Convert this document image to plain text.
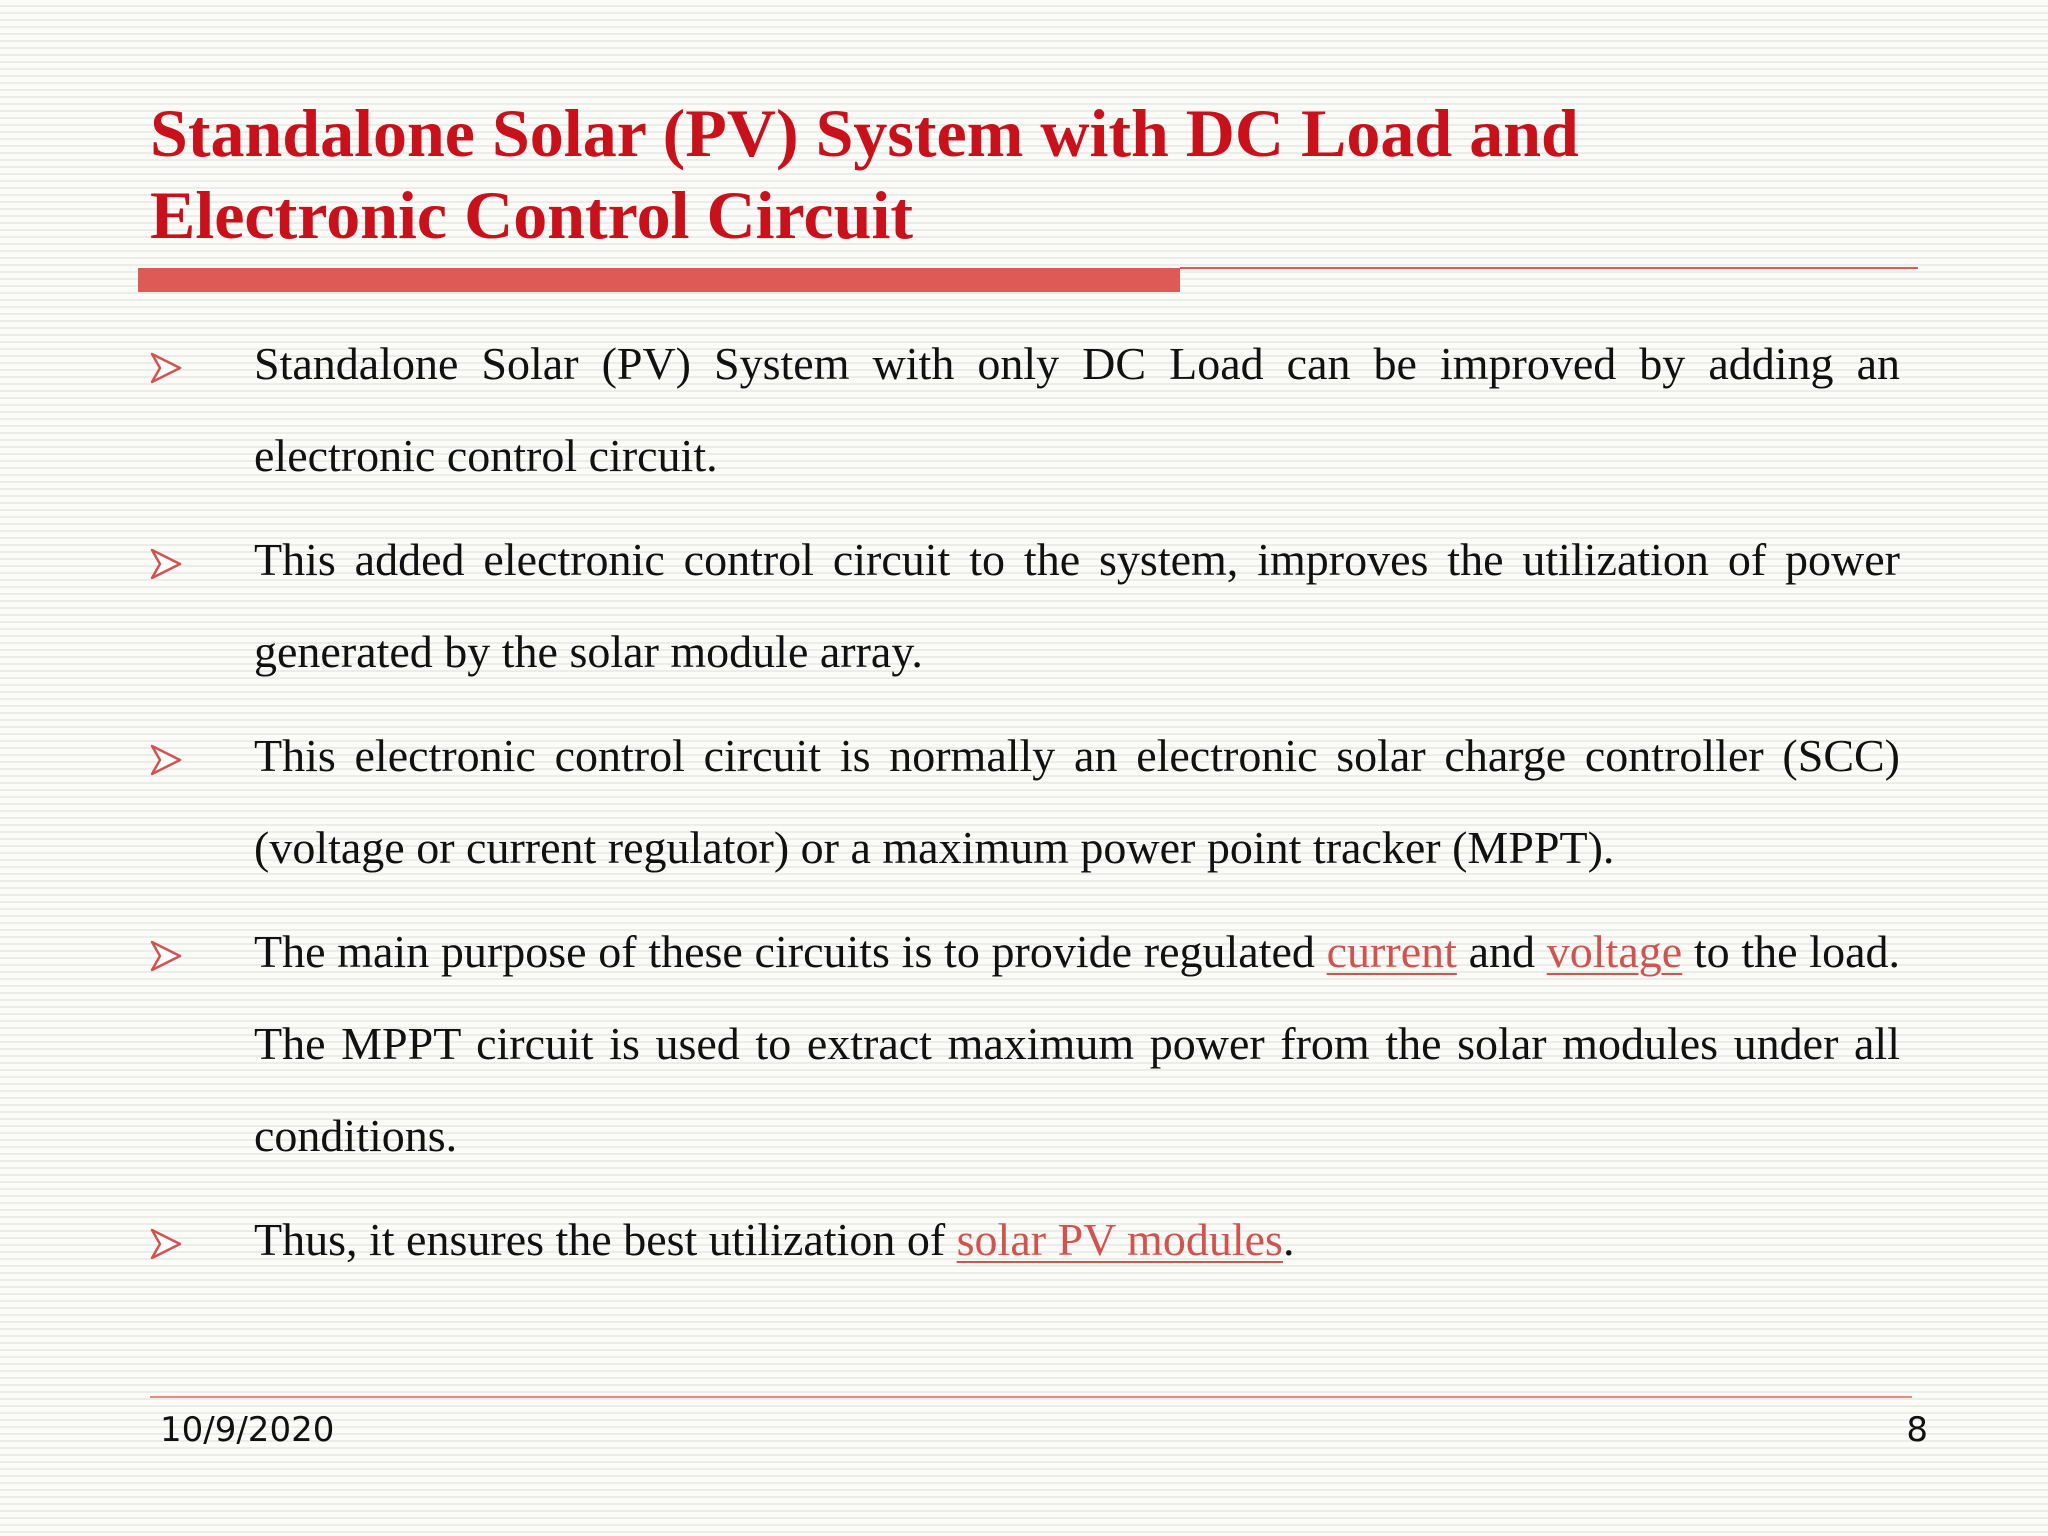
Standalone Solar (PV) System with DC Load and
Electronic Control Circuit
Standalone Solar (PV) System with only DC Load can be improved by adding an electronic control circuit.
This added electronic control circuit to the system, improves the utilization of power generated by the solar module array.
This electronic control circuit is normally an electronic solar charge controller (SCC) (voltage or current regulator) or a maximum power point tracker (MPPT).
The main purpose of these circuits is to provide regulated current and voltage to the load. The MPPT circuit is used to extract maximum power from the solar modules under all conditions.
Thus, it ensures the best utilization of solar PV modules.
10/9/2020	8
